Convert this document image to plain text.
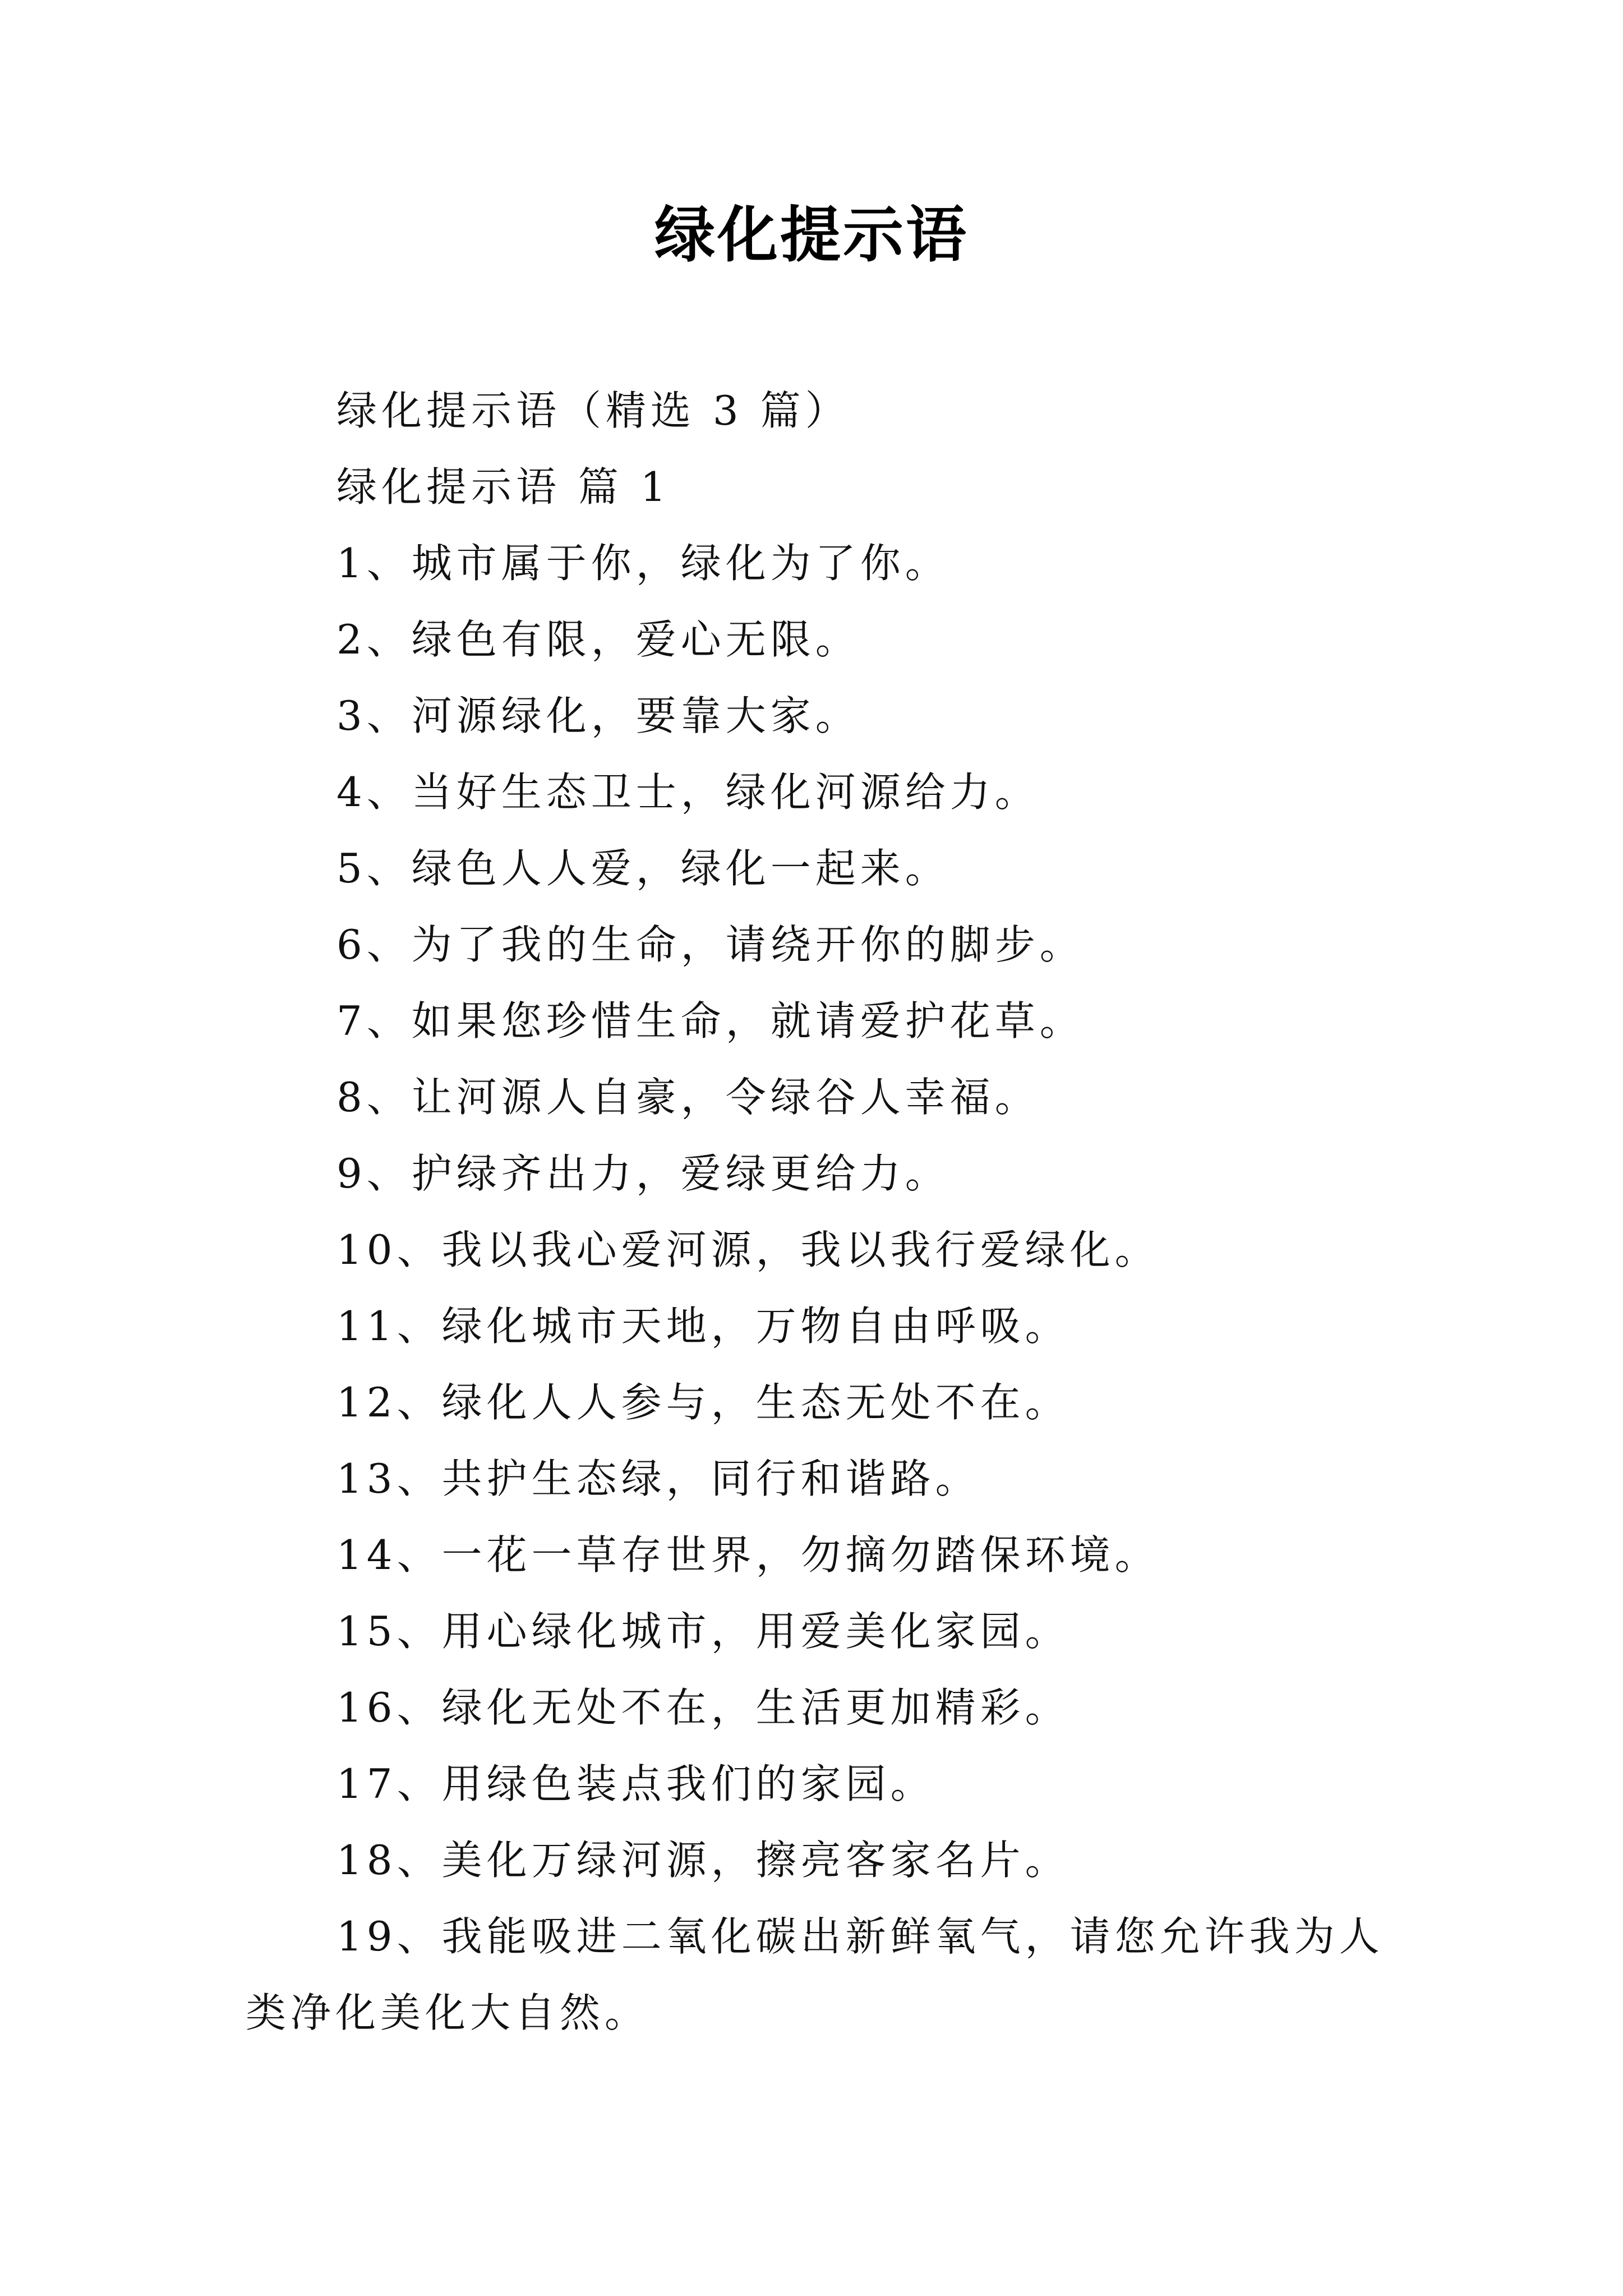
绿化提示语

绿化提示语（精选 3 篇）

绿化提示语 篇 1

1、城市属于你，绿化为了你。

2、绿色有限，爱心无限。

3、河源绿化，要靠大家。

4、当好生态卫士，绿化河源给力。

5、绿色人人爱，绿化一起来。

6、为了我的生命，请绕开你的脚步。

7、如果您珍惜生命，就请爱护花草。

8、让河源人自豪，令绿谷人幸福。

9、护绿齐出力，爱绿更给力。

10、我以我心爱河源，我以我行爱绿化。

11、绿化城市天地，万物自由呼吸。

12、绿化人人参与，生态无处不在。

13、共护生态绿，同行和谐路。

14、一花一草存世界，勿摘勿踏保环境。

15、用心绿化城市，用爱美化家园。

16、绿化无处不在，生活更加精彩。

17、用绿色装点我们的家园。

18、美化万绿河源，擦亮客家名片。

19、我能吸进二氧化碳出新鲜氧气，请您允许我为人类净化美化大自然。
